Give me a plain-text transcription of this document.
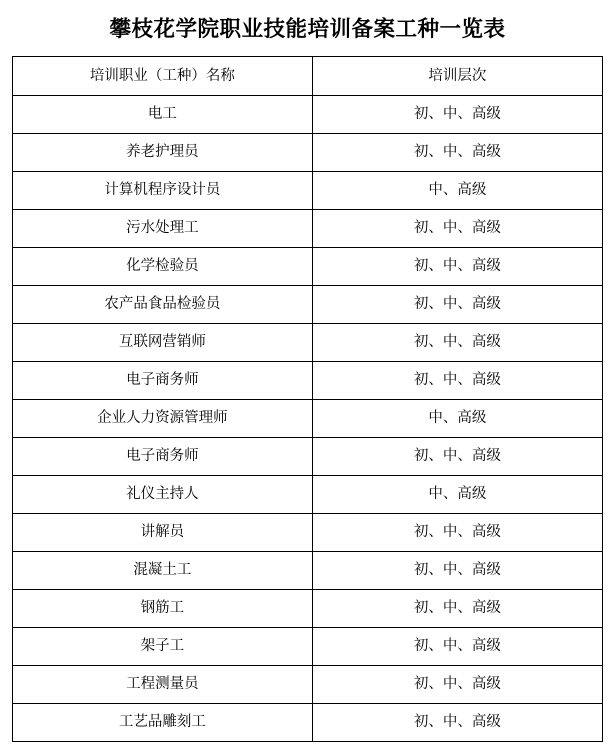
攀枝花学院职业技能培训备案工种一览表
培训职业（工种）名称	培训层次
电工	初、中、高级
养老护理员	初、中、高级
计算机程序设计员	中、高级
污水处理工	初、中、高级
化学检验员	初、中、高级
农产品食品检验员	初、中、高级
互联网营销师	初、中、高级
电子商务师	初、中、高级
企业人力资源管理师	中、高级
电子商务师	初、中、高级
礼仪主持人	中、高级
讲解员	初、中、高级
混凝土工	初、中、高级
钢筋工	初、中、高级
架子工	初、中、高级
工程测量员	初、中、高级
工艺品雕刻工	初、中、高级
